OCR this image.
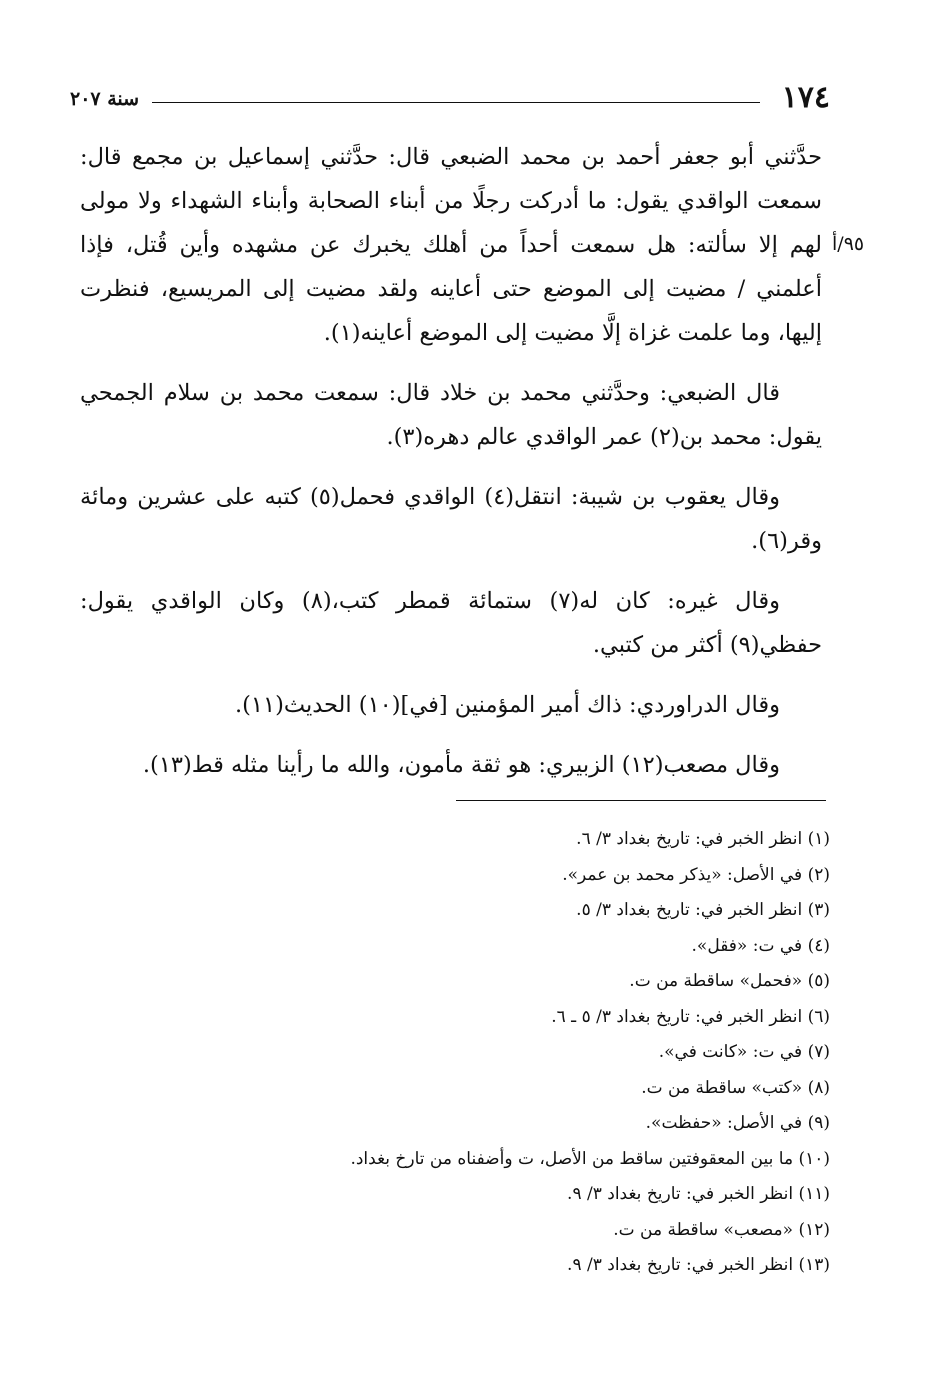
١٧٤
سنة ٢٠٧
٩٥/أ

حدَّثني أبو جعفر أحمد بن محمد الضبعي قال: حدَّثني إسماعيل بن مجمع قال: سمعت الواقدي يقول: ما أدركت رجلًا من أبناء الصحابة وأبناء الشهداء ولا مولى لهم إلا سألته: هل سمعت أحداً من أهلك يخبرك عن مشهده وأين قُتل، فإذا أعلمني / مضيت إلى الموضع حتى أعاينه ولقد مضيت إلى المريسيع، فنظرت إليها، وما علمت غزاة إلَّا مضيت إلى الموضع أعاينه(١).

قال الضبعي: وحدَّثني محمد بن خلاد قال: سمعت محمد بن سلام الجمحي يقول: محمد بن(٢) عمر الواقدي عالم دهره(٣).

وقال يعقوب بن شيبة: انتقل(٤) الواقدي فحمل(٥) كتبه على عشرين ومائة وقر(٦).

وقال غيره: كان له(٧) ستمائة قمطر كتب،(٨) وكان الواقدي يقول: حفظي(٩) أكثر من كتبي.

وقال الدراوردي: ذاك أمير المؤمنين [في](١٠) الحديث(١١).

وقال مصعب(١٢) الزبيري: هو ثقة مأمون، والله ما رأينا مثله قط(١٣).

(١) انظر الخبر في: تاريخ بغداد ٣/ ٦.
(٢) في الأصل: «يذكر محمد بن عمر».
(٣) انظر الخبر في: تاريخ بغداد ٣/ ٥.
(٤) في ت: «فقل».
(٥) «فحمل» ساقطة من ت.
(٦) انظر الخبر في: تاريخ بغداد ٣/ ٥ ـ ٦.
(٧) في ت: «كانت في».
(٨) «كتب» ساقطة من ت.
(٩) في الأصل: «حفظت».
(١٠) ما بين المعقوفتين ساقط من الأصل، ت وأضفناه من تارخ بغداد.
(١١) انظر الخبر في: تاريخ بغداد ٣/ ٩.
(١٢) «مصعب» ساقطة من ت.
(١٣) انظر الخبر في: تاريخ بغداد ٣/ ٩.
